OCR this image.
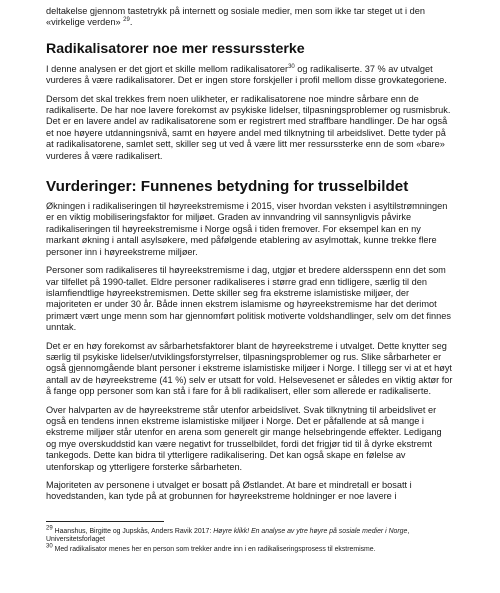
deltakelse gjennom tastetrykk på internett og sosiale medier, men som ikke tar steget ut i den «virkelige verden» $^{29}$.

Radikalisatorer noe mer ressurssterke

I denne analysen er det gjort et skille mellom radikalisatorer$^{30}$ og radikaliserte. 37 % av utvalget vurderes å være radikalisatorer. Det er ingen store forskjeller i profil mellom disse grovkategoriene.

Dersom det skal trekkes frem noen ulikheter, er radikalisatorene noe mindre sårbare enn de radikaliserte. De har noe lavere forekomst av psykiske lidelser, tilpasningsproblemer og rusmisbruk. Det er en lavere andel av radikalisatorene som er registrert med straffbare handlinger. De har også et noe høyere utdanningsnivå, samt en høyere andel med tilknytning til arbeidslivet. Dette tyder på at radikalisatorene, samlet sett, skiller seg ut ved å være litt mer ressurssterke enn de som «bare» vurderes å være radikalisert.

Vurderinger: Funnenes betydning for trusselbildet

Økningen i radikaliseringen til høyreekstremisme i 2015, viser hvordan veksten i asyltilstrømningen er en viktig mobiliseringsfaktor for miljøet. Graden av innvandring vil sannsynligvis påvirke radikaliseringen til høyreekstremisme i Norge også i tiden fremover. For eksempel kan en ny markant økning i antall asylsøkere, med påfølgende etablering av asylmottak, kunne trekke flere personer inn i høyreekstreme miljøer.

Personer som radikaliseres til høyreekstremisme i dag, utgjør et bredere aldersspenn enn det som var tilfellet på 1990-tallet. Eldre personer radikaliseres i større grad enn tidligere, særlig til den islamfiendtlige høyreekstremismen. Dette skiller seg fra ekstreme islamistiske miljøer, der majoriteten er under 30 år. Både innen ekstrem islamisme og høyreekstremisme har det derimot primært vært unge menn som har gjennomført politisk motiverte voldshandlinger, selv om det finnes unntak.

Det er en høy forekomst av sårbarhetsfaktorer blant de høyreekstreme i utvalget. Dette knytter seg særlig til psykiske lidelser/utviklingsforstyrrelser, tilpasningsproblemer og rus. Slike sårbarheter er også gjennomgående blant personer i ekstreme islamistiske miljøer i Norge. I tillegg ser vi at et høyt antall av de høyreekstreme (41 %) selv er utsatt for vold. Helsevesenet er således en viktig aktør for å fange opp personer som kan stå i fare for å bli radikalisert, eller som allerede er radikaliserte.

Over halvparten av de høyreekstreme står utenfor arbeidslivet. Svak tilknytning til arbeidslivet er også en tendens innen ekstreme islamistiske miljøer i Norge. Det er påfallende at så mange i ekstreme miljøer står utenfor en arena som generelt gir mange helsebringende effekter. Ledigang og mye overskuddstid kan være negativt for trusselbildet, fordi det frigjør tid til å dyrke ekstremt tankegods. Dette kan bidra til ytterligere radikalisering. Det kan også skape en følelse av utenforskap og ytterligere forsterke sårbarheten.

Majoriteten av personene i utvalget er bosatt på Østlandet. At bare et mindretall er bosatt i hovedstanden, kan tyde på at grobunnen for høyreekstreme holdninger er noe lavere i

$^{29}$ Haanshus, Birgitte og Jupskås, Anders Ravik 2017: Høyre klikk! En analyse av ytre høyre på sosiale medier i Norge, Universitetsforlaget

$^{30}$ Med radikalisator menes her en person som trekker andre inn i en radikaliseringsprosess til ekstremisme.
